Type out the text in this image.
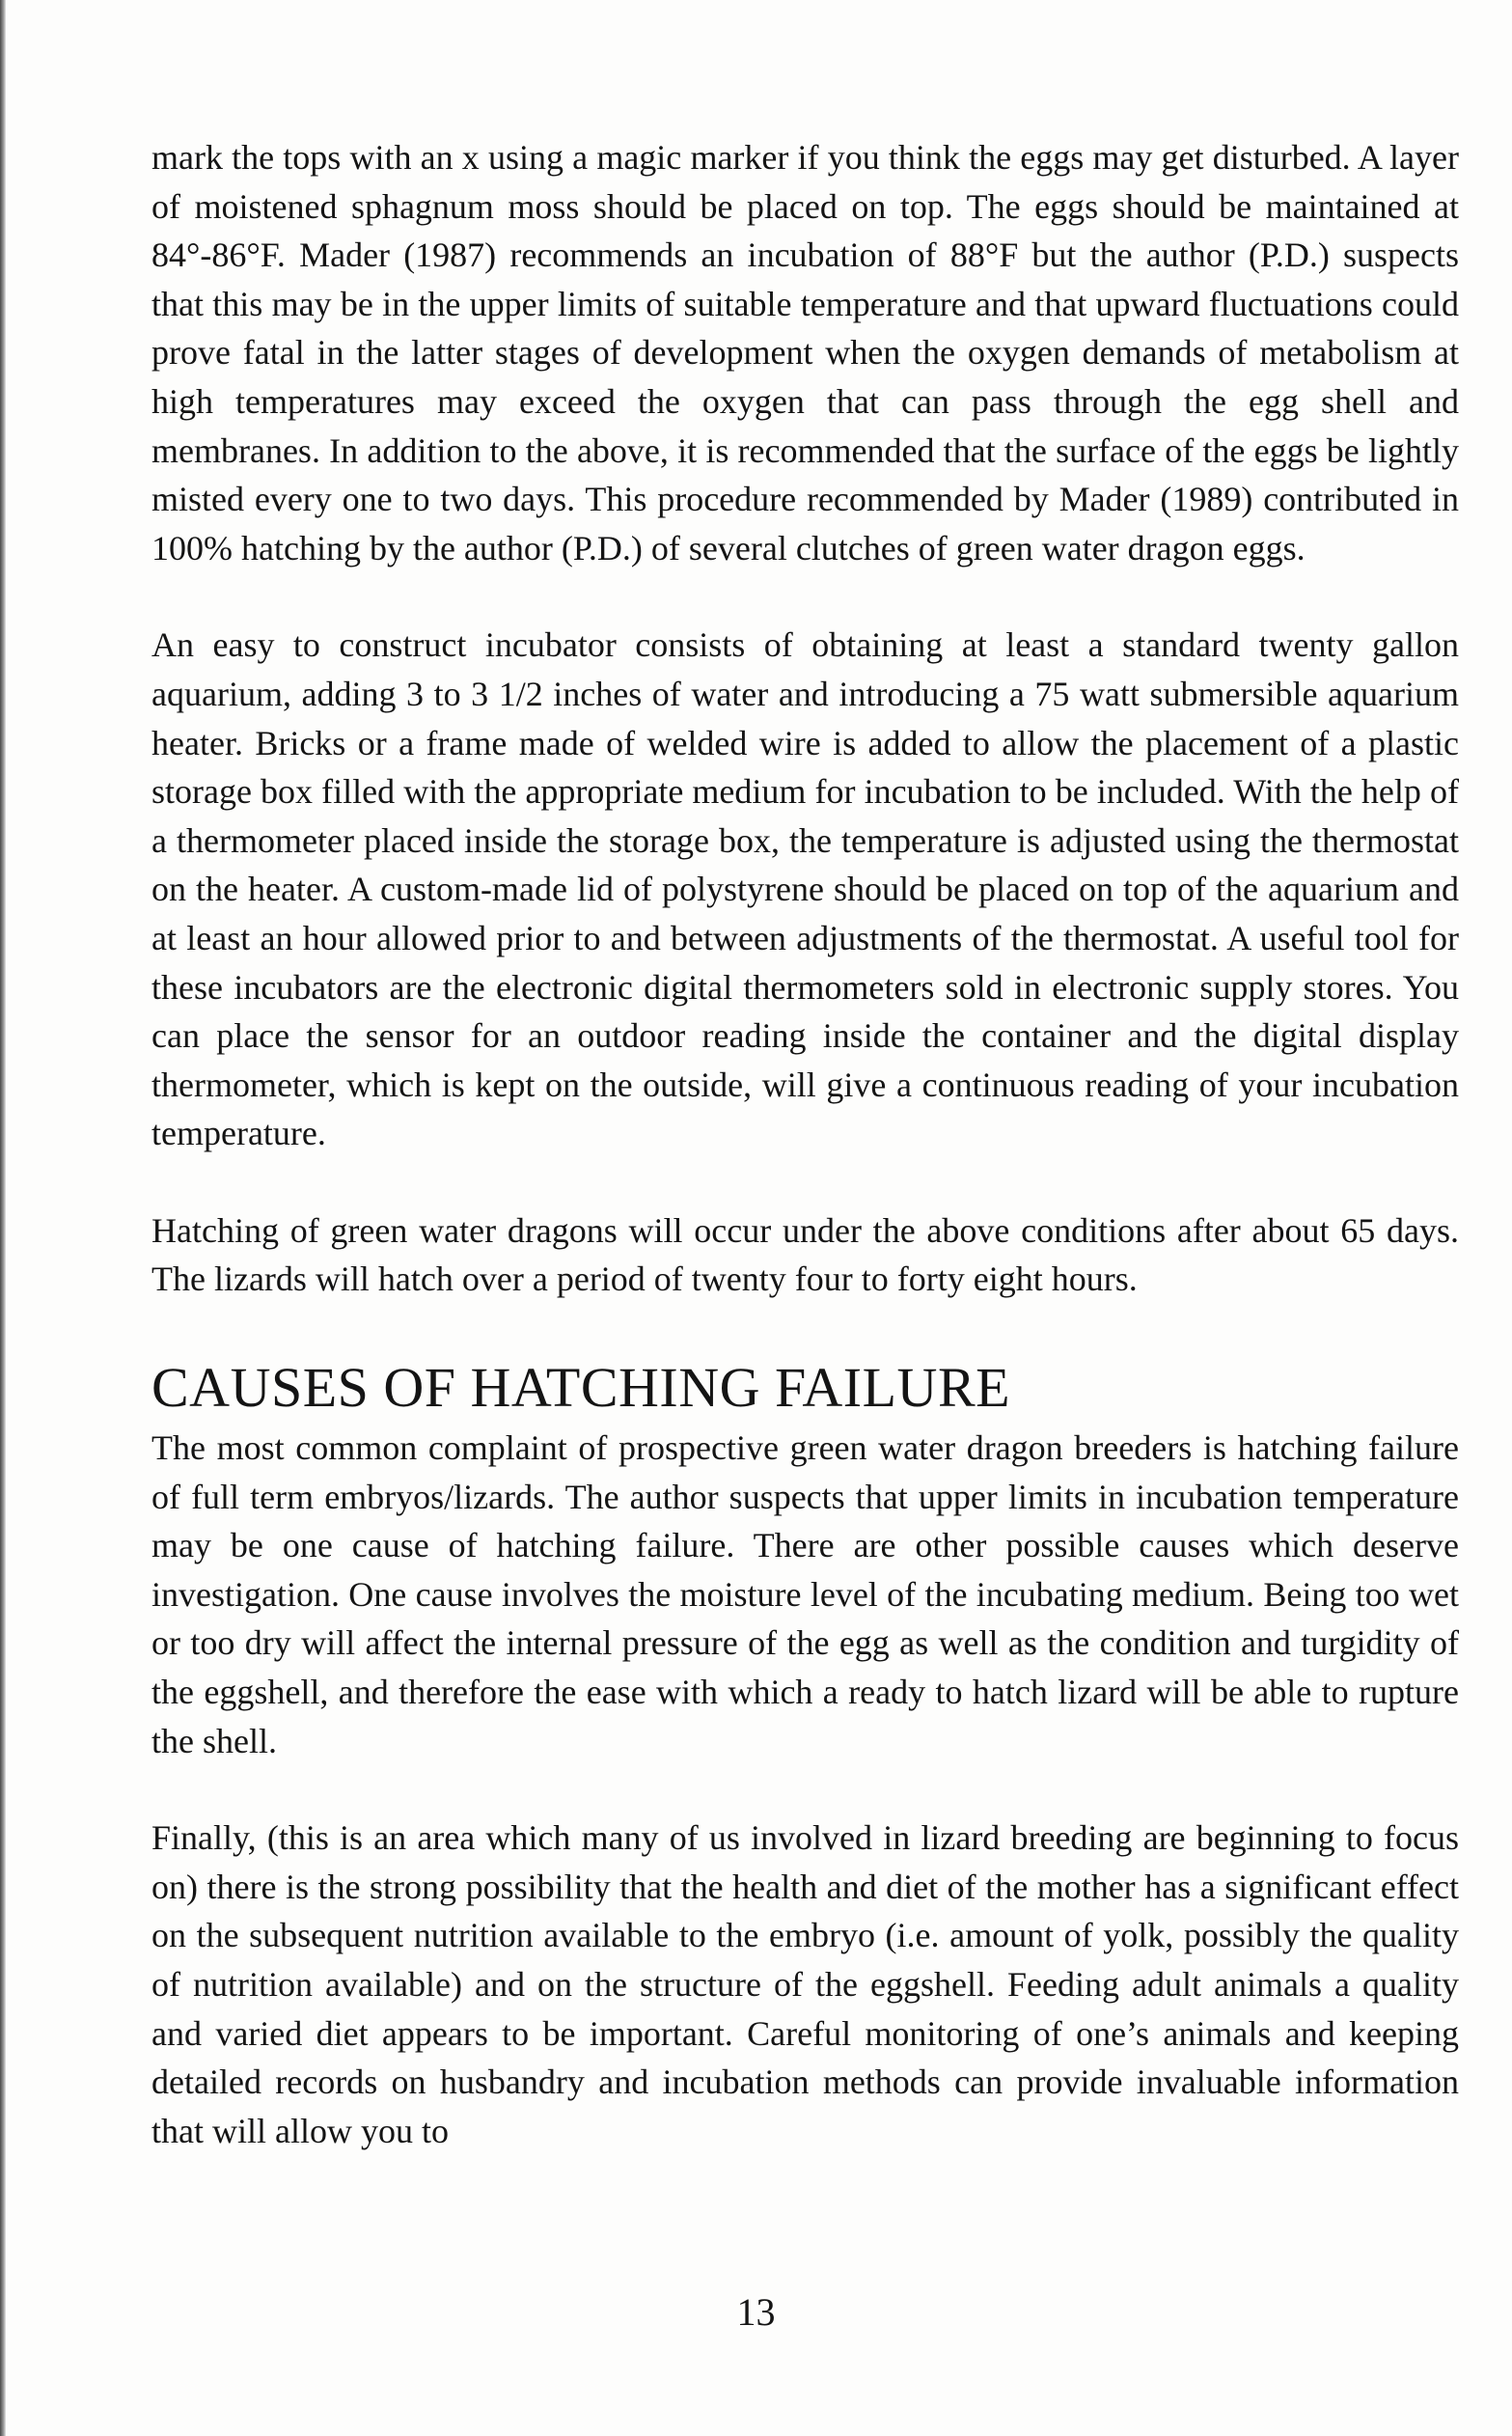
mark the tops with an x using a magic marker if you think the eggs may get disturbed. A layer of moistened sphagnum moss should be placed on top. The eggs should be maintained at 84°-86°F. Mader (1987) recommends an incubation of 88°F but the author (P.D.) suspects that this may be in the upper limits of suitable temperature and that upward fluctuations could prove fatal in the latter stages of development when the oxygen demands of metabolism at high temperatures may exceed the oxygen that can pass through the egg shell and membranes. In addition to the above, it is recommended that the surface of the eggs be lightly misted every one to two days. This procedure recommended by Mader (1989) contributed in 100% hatching by the author (P.D.) of several clutches of green water dragon eggs.

An easy to construct incubator consists of obtaining at least a standard twenty gallon aquarium, adding 3 to 3 1/2 inches of water and introducing a 75 watt submersible aquarium heater. Bricks or a frame made of welded wire is added to allow the placement of a plastic storage box filled with the appropriate medium for incubation to be included. With the help of a thermometer placed inside the storage box, the temperature is adjusted using the thermostat on the heater. A custom-made lid of polystyrene should be placed on top of the aquarium and at least an hour allowed prior to and between adjustments of the thermostat. A useful tool for these incubators are the electronic digital thermometers sold in electronic supply stores. You can place the sensor for an outdoor reading inside the container and the digital display thermometer, which is kept on the outside, will give a continuous reading of your incubation temperature.

Hatching of green water dragons will occur under the above conditions after about 65 days. The lizards will hatch over a period of twenty four to forty eight hours.

CAUSES OF HATCHING FAILURE

The most common complaint of prospective green water dragon breeders is hatching failure of full term embryos/lizards. The author suspects that upper limits in incubation temperature may be one cause of hatching failure. There are other possible causes which deserve investigation. One cause involves the moisture level of the incubating medium. Being too wet or too dry will affect the internal pressure of the egg as well as the condition and turgidity of the eggshell, and therefore the ease with which a ready to hatch lizard will be able to rupture the shell.

Finally, (this is an area which many of us involved in lizard breeding are beginning to focus on) there is the strong possibility that the health and diet of the mother has a significant effect on the subsequent nutrition available to the embryo (i.e. amount of yolk, possibly the quality of nutrition available) and on the structure of the eggshell. Feeding adult animals a quality and varied diet appears to be important. Careful monitoring of one’s animals and keeping detailed records on husbandry and incubation methods can provide invaluable information that will allow you to

13
